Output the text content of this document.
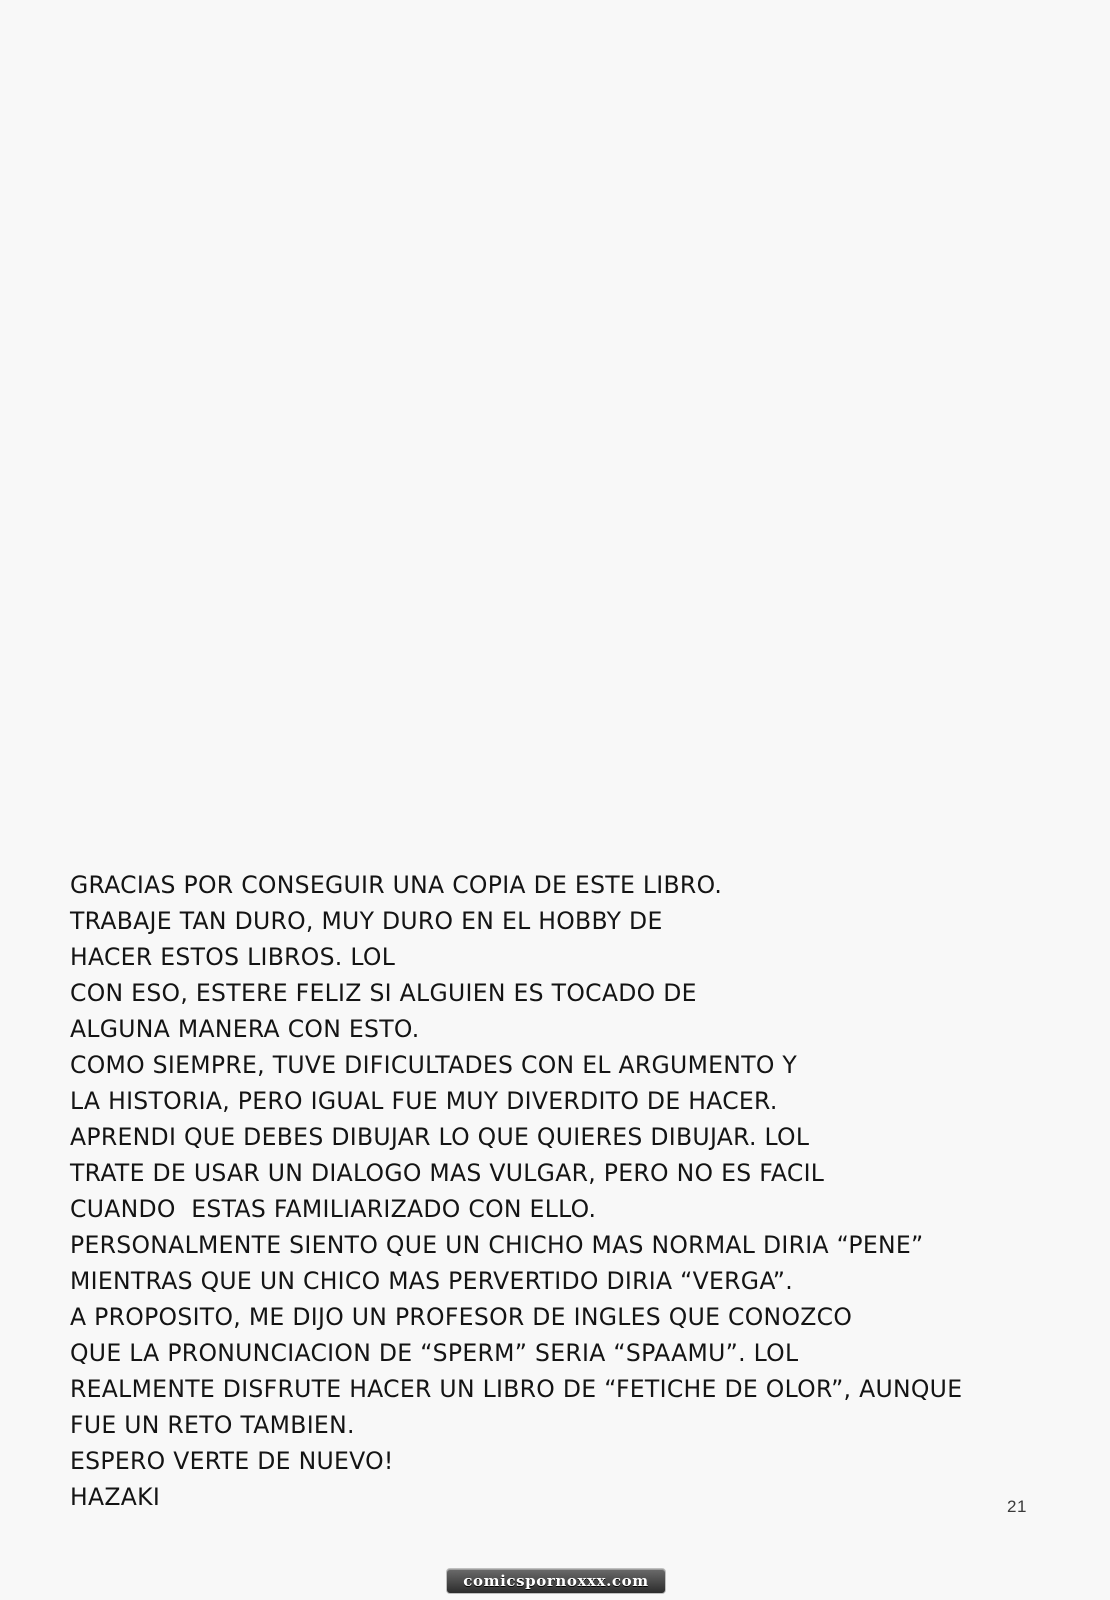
GRACIAS POR CONSEGUIR UNA COPIA DE ESTE LIBRO.
TRABAJE TAN DURO, MUY DURO EN EL HOBBY DE
HACER ESTOS LIBROS. LOL
CON ESO, ESTERE FELIZ SI ALGUIEN ES TOCADO DE
ALGUNA MANERA CON ESTO.
COMO SIEMPRE, TUVE DIFICULTADES CON EL ARGUMENTO Y
LA HISTORIA, PERO IGUAL FUE MUY DIVERDITO DE HACER.
APRENDI QUE DEBES DIBUJAR LO QUE QUIERES DIBUJAR. LOL
TRATE DE USAR UN DIALOGO MAS VULGAR, PERO NO ES FACIL
CUANDO  ESTAS FAMILIARIZADO CON ELLO.
PERSONALMENTE SIENTO QUE UN CHICHO MAS NORMAL DIRIA “PENE”
MIENTRAS QUE UN CHICO MAS PERVERTIDO DIRIA “VERGA”.
A PROPOSITO, ME DIJO UN PROFESOR DE INGLES QUE CONOZCO
QUE LA PRONUNCIACION DE “SPERM” SERIA “SPAAMU”. LOL
REALMENTE DISFRUTE HACER UN LIBRO DE “FETICHE DE OLOR”, AUNQUE
FUE UN RETO TAMBIEN.
ESPERO VERTE DE NUEVO!
HAZAKI	21
comicspornoxxx.com
